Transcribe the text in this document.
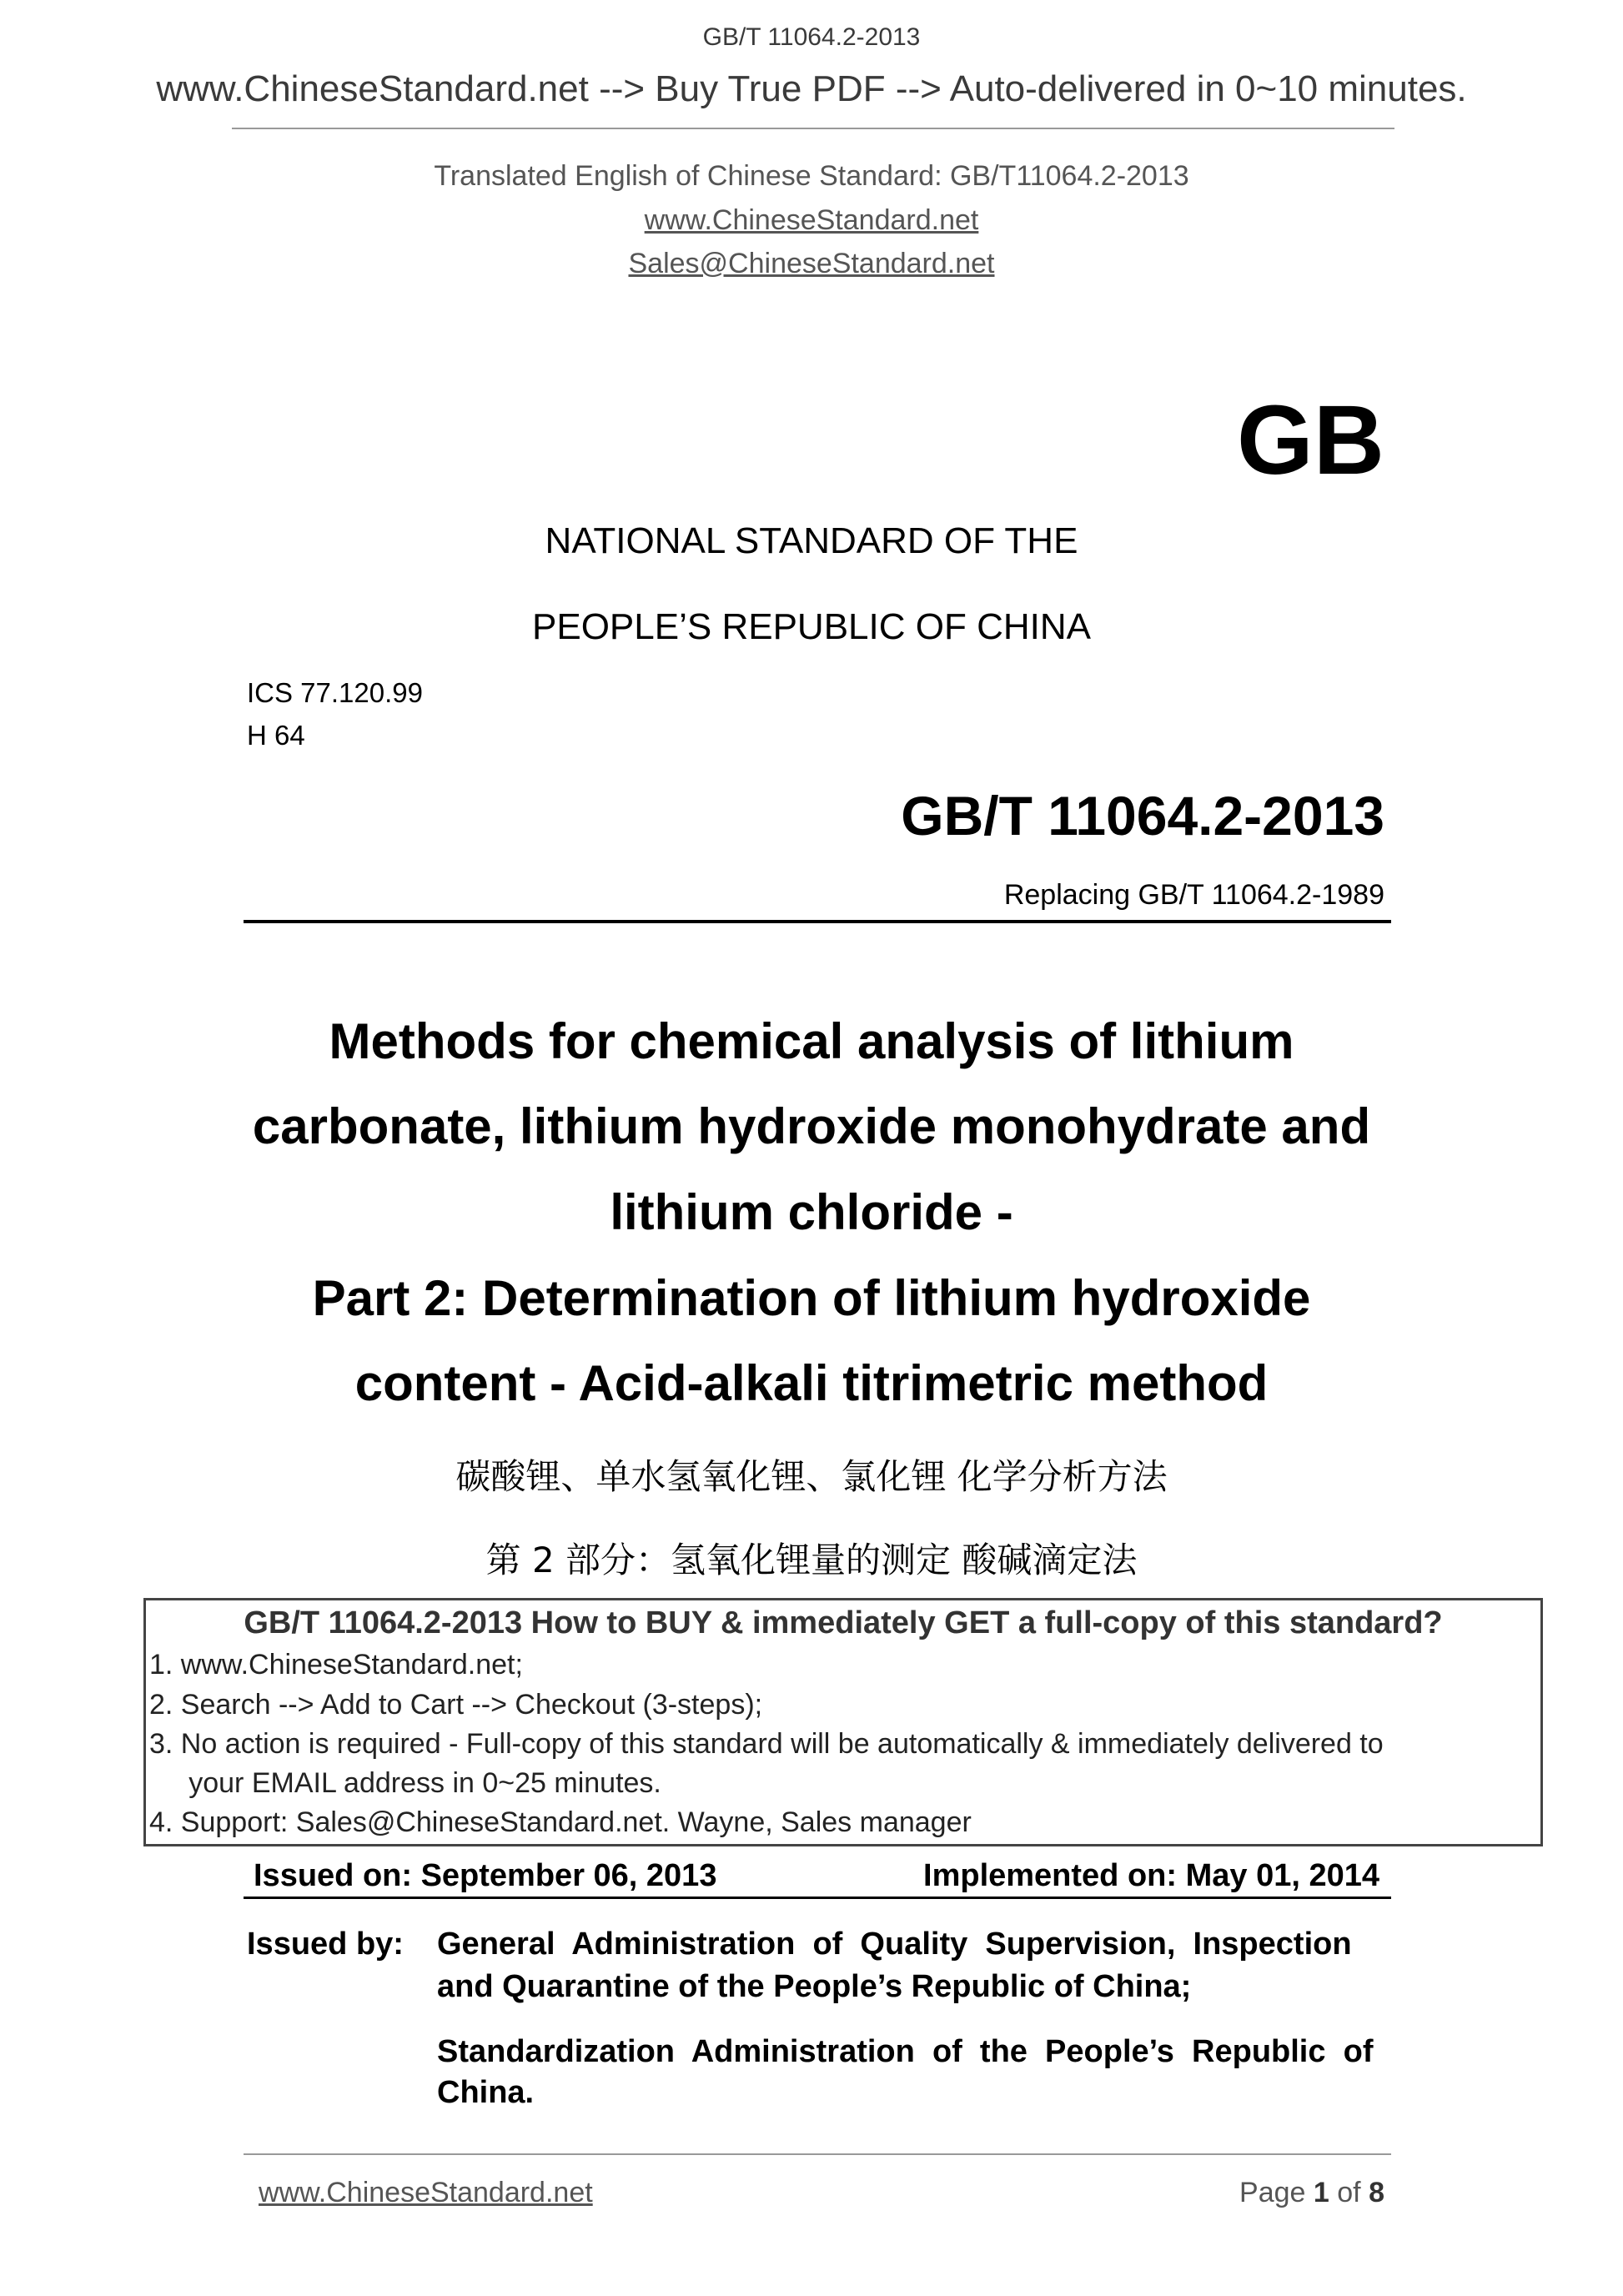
GB/T 11064.2-2013
www.ChineseStandard.net --> Buy True PDF --> Auto-delivered in 0~10 minutes.
Translated English of Chinese Standard: GB/T11064.2-2013
www.ChineseStandard.net
Sales@ChineseStandard.net
GB
NATIONAL STANDARD OF THE
PEOPLE’S REPUBLIC OF CHINA
ICS 77.120.99
H 64
GB/T 11064.2-2013
Replacing GB/T 11064.2-1989
Methods for chemical analysis of lithium
carbonate, lithium hydroxide monohydrate and
lithium chloride -
Part 2: Determination of lithium hydroxide
content - Acid-alkali titrimetric method
碳酸锂、单水氢氧化锂、氯化锂 化学分析方法
第 2 部分：氢氧化锂量的测定 酸碱滴定法
GB/T 11064.2-2013 How to BUY & immediately GET a full-copy of this standard?
1. www.ChineseStandard.net;
2. Search --> Add to Cart --> Checkout (3-steps);
3. No action is required - Full-copy of this standard will be automatically & immediately delivered to
your EMAIL address in 0~25 minutes.
4. Support: Sales@ChineseStandard.net. Wayne, Sales manager
Issued on: September 06, 2013	Implemented on: May 01, 2014
Issued by: General  Administration  of  Quality  Supervision,  Inspection
and Quarantine of the People’s Republic of China;
Standardization  Administration  of  the  People’s  Republic  of
China.
www.ChineseStandard.net	Page 1 of 8
